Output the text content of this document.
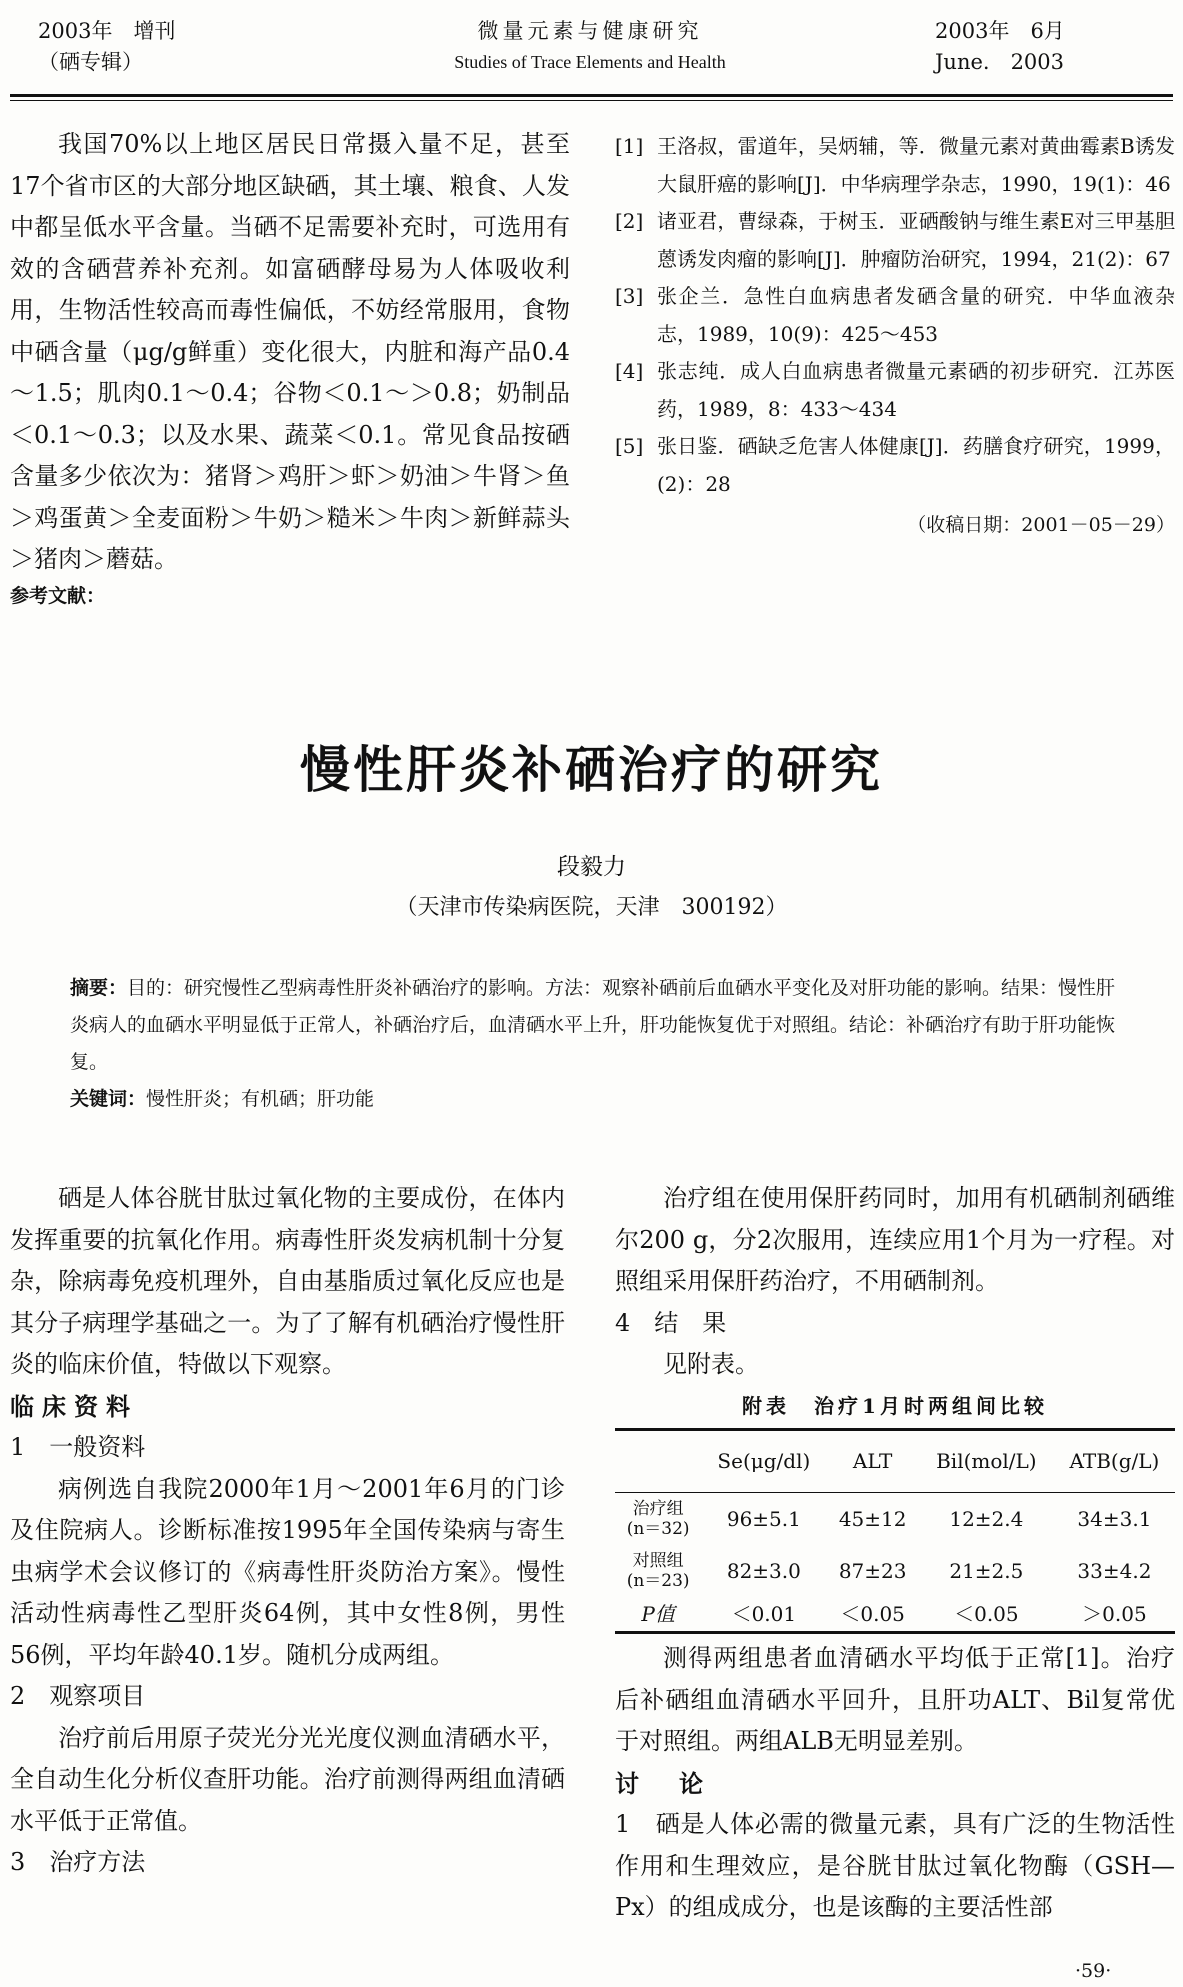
2003年　增刊
（硒专辑）
微量元素与健康研究
Studies of Trace Elements and Health
2003年　6月
June.　2003

我国70%以上地区居民日常摄入量不足，甚至17个省市区的大部分地区缺硒，其土壤、粮食、人发中都呈低水平含量。当硒不足需要补充时，可选用有效的含硒营养补充剂。如富硒酵母易为人体吸收利用，生物活性较高而毒性偏低，不妨经常服用，食物中硒含量（μg/g鲜重）变化很大，内脏和海产品0.4～1.5；肌肉0.1～0.4；谷物＜0.1～＞0.8；奶制品＜0.1～0.3；以及水果、蔬菜＜0.1。常见食品按硒含量多少依次为：猪肾＞鸡肝＞虾＞奶油＞牛肾＞鱼＞鸡蛋黄＞全麦面粉＞牛奶＞糙米＞牛肉＞新鲜蒜头＞猪肉＞蘑菇。

参考文献：

[1] 王洛叔，雷道年，吴炳辅，等．微量元素对黄曲霉素B诱发大鼠肝癌的影响[J]．中华病理学杂志，1990，19(1)：46
[2] 诸亚君，曹绿森，于树玉．亚硒酸钠与维生素E对三甲基胆蒽诱发肉瘤的影响[J]．肿瘤防治研究，1994，21(2)：67
[3] 张企兰．急性白血病患者发硒含量的研究．中华血液杂志，1989，10(9)：425～453
[4] 张志纯．成人白血病患者微量元素硒的初步研究．江苏医药，1989，8：433～434
[5] 张日鉴．硒缺乏危害人体健康[J]．药膳食疗研究，1999，(2)：28
（收稿日期：2001－05－29）
慢性肝炎补硒治疗的研究
段毅力
（天津市传染病医院，天津　300192）

摘要：目的：研究慢性乙型病毒性肝炎补硒治疗的影响。方法：观察补硒前后血硒水平变化及对肝功能的影响。结果：慢性肝炎病人的血硒水平明显低于正常人，补硒治疗后，血清硒水平上升，肝功能恢复优于对照组。结论：补硒治疗有助于肝功能恢复。

关键词：慢性肝炎；有机硒；肝功能

硒是人体谷胱甘肽过氧化物的主要成份，在体内发挥重要的抗氧化作用。病毒性肝炎发病机制十分复杂，除病毒免疫机理外，自由基脂质过氧化反应也是其分子病理学基础之一。为了了解有机硒治疗慢性肝炎的临床价值，特做以下观察。

临床资料

1　一般资料

病例选自我院2000年1月～2001年6月的门诊及住院病人。诊断标准按1995年全国传染病与寄生虫病学术会议修订的《病毒性肝炎防治方案》。慢性活动性病毒性乙型肝炎64例，其中女性8例，男性56例，平均年龄40.1岁。随机分成两组。

2　观察项目

治疗前后用原子荧光分光光度仪测血清硒水平，全自动生化分析仪查肝功能。治疗前测得两组血清硒水平低于正常值。

3　治疗方法

治疗组在使用保肝药同时，加用有机硒制剂硒维尔200 g，分2次服用，连续应用1个月为一疗程。对照组采用保肝药治疗，不用硒制剂。

4　结　果

见附表。

附表　治疗1月时两组间比较
	Se(μg/dl)	ALT	Bil(mol/L)	ATB(g/L)

治疗组
(n＝32)	96±5.1	45±12	12±2.4	34±3.1

对照组
(n＝23)	82±3.0	87±23	21±2.5	33±4.2
P值	＜0.01	＜0.05	＜0.05	＞0.05

测得两组患者血清硒水平均低于正常[1]。治疗后补硒组血清硒水平回升，且肝功ALT、Bil复常优于对照组。两组ALB无明显差别。

讨　论

1　硒是人体必需的微量元素，具有广泛的生物活性作用和生理效应，是谷胱甘肽过氧化物酶（GSH—Px）的组成成分，也是该酶的主要活性部

·59·
